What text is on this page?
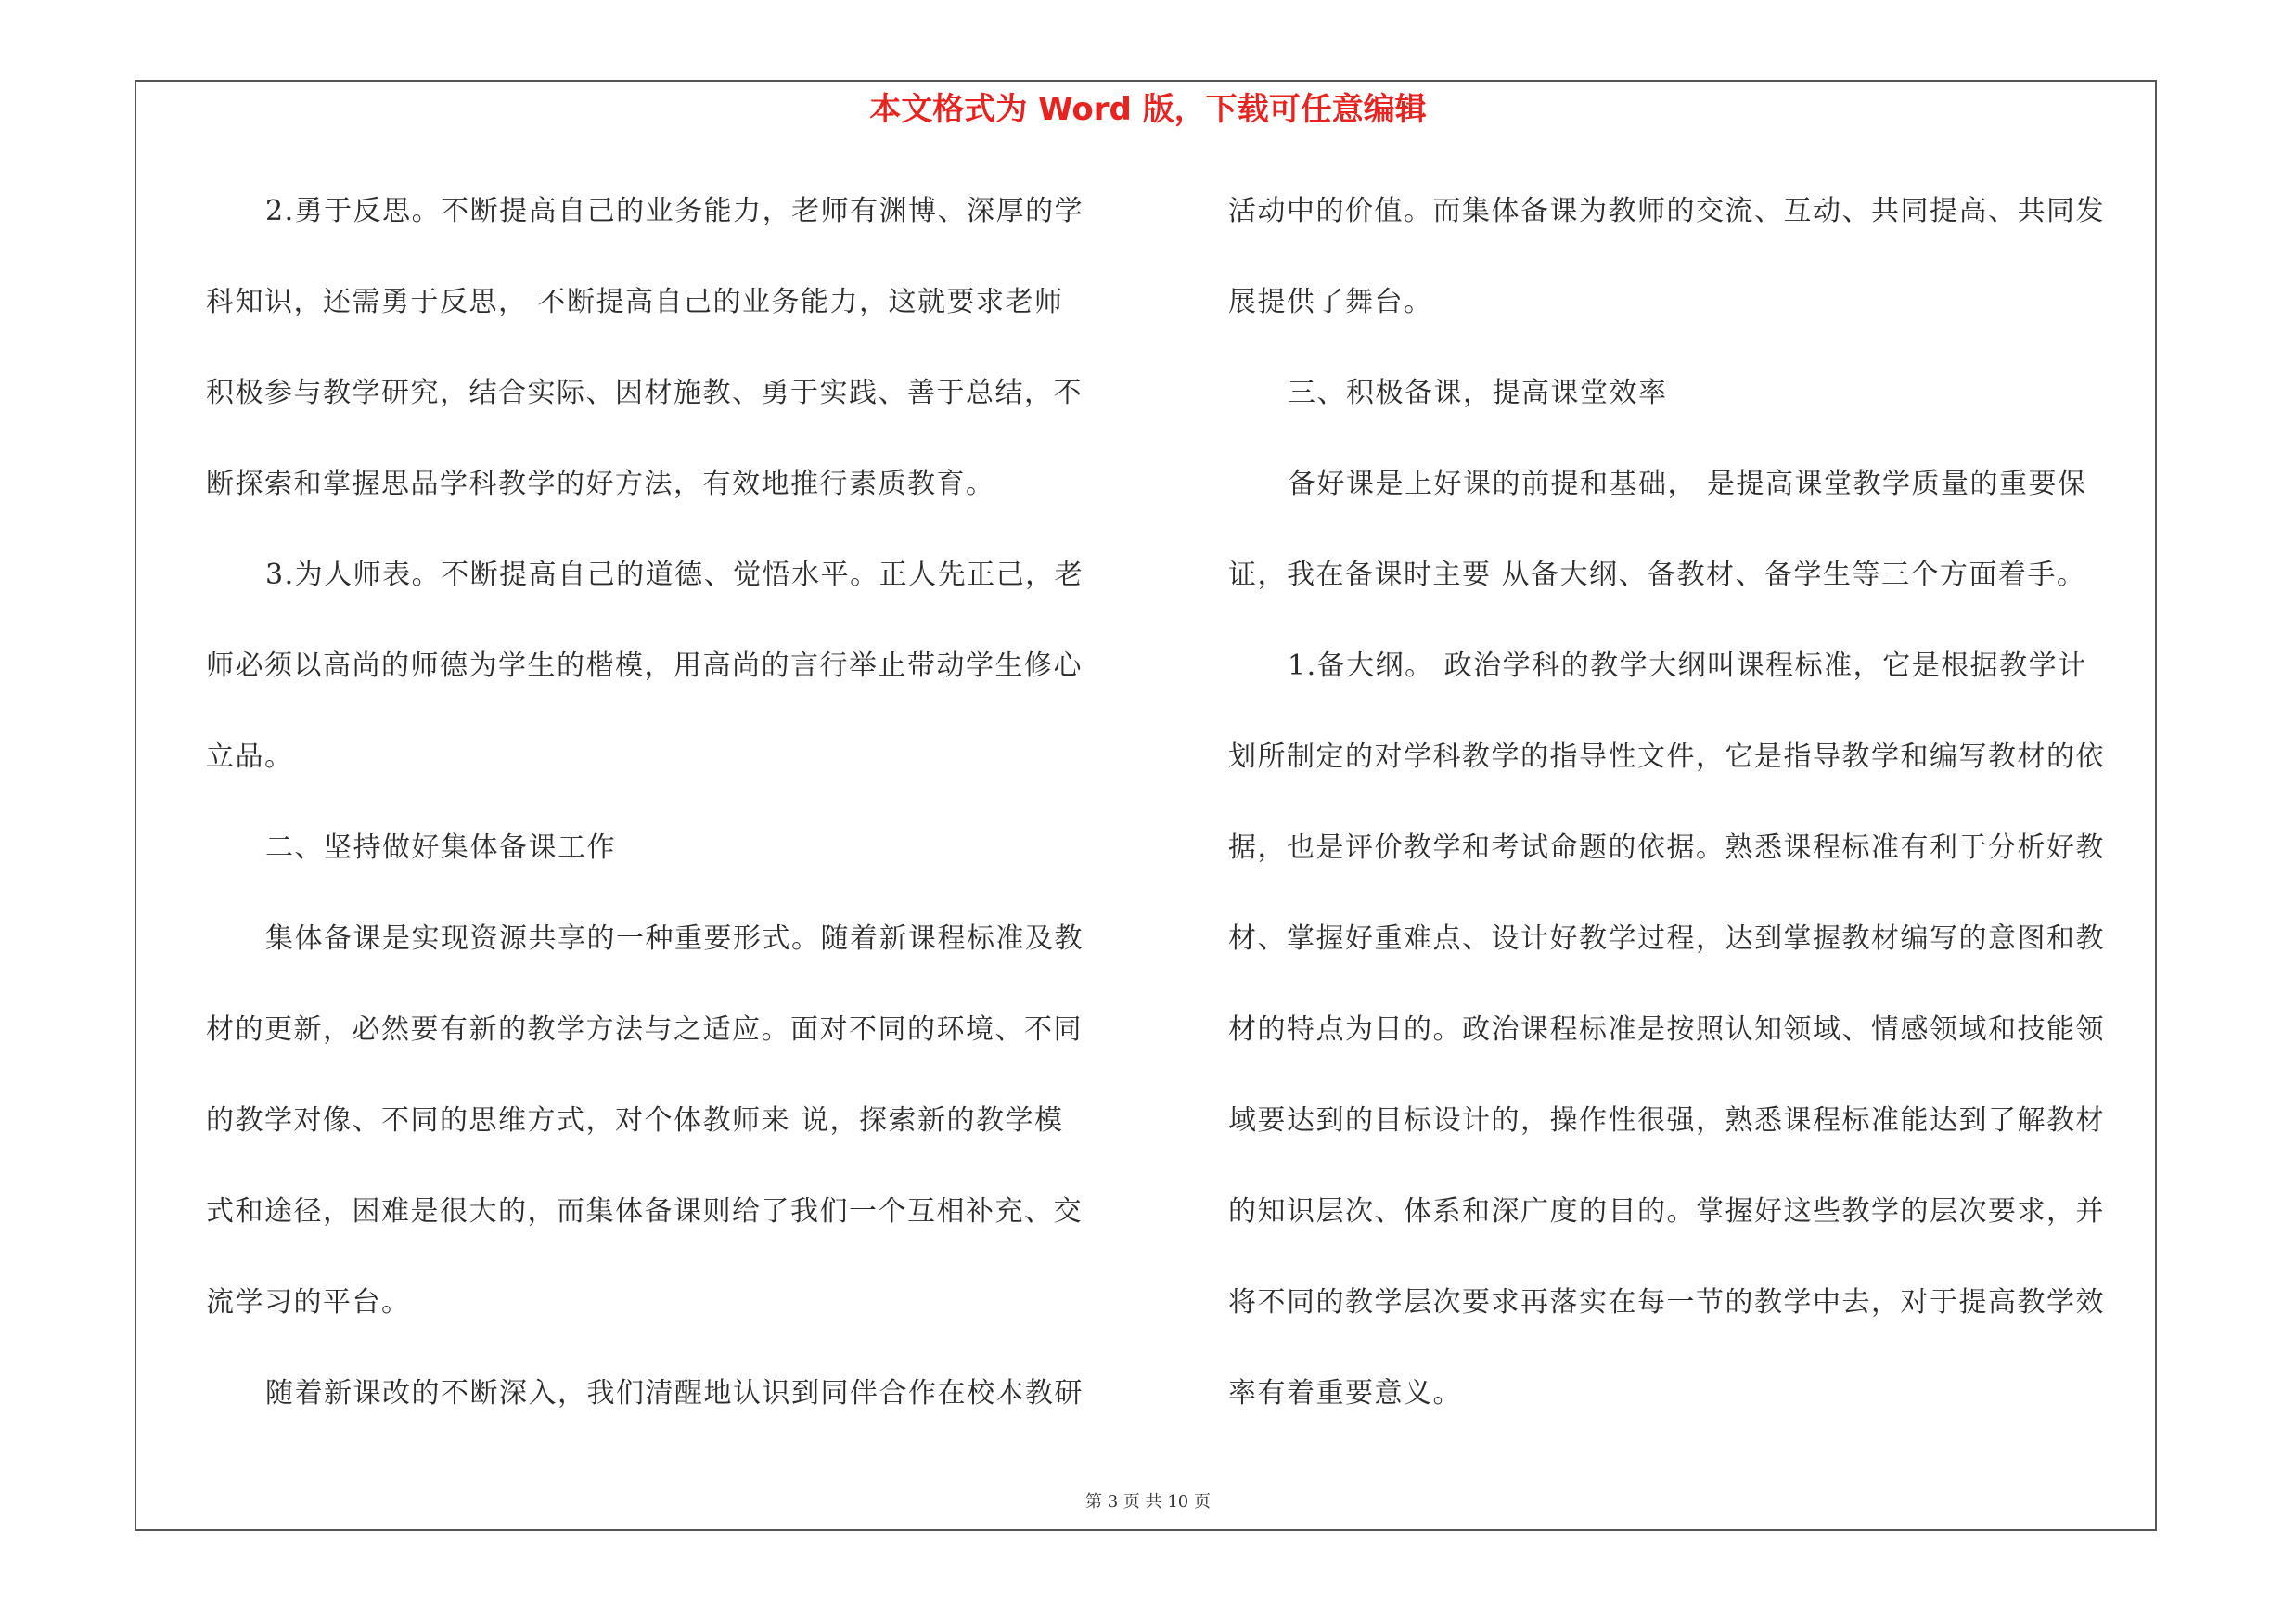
本文格式为 Word 版，下载可任意编辑
2.勇于反思。不断提高自己的业务能力，老师有渊博、深厚的学
科知识，还需勇于反思， 不断提高自己的业务能力，这就要求老师
积极参与教学研究，结合实际、因材施教、勇于实践、善于总结，不
断探索和掌握思品学科教学的好方法，有效地推行素质教育。
3.为人师表。不断提高自己的道德、觉悟水平。正人先正己，老
师必须以高尚的师德为学生的楷模，用高尚的言行举止带动学生修心
立品。
二、坚持做好集体备课工作
集体备课是实现资源共享的一种重要形式。随着新课程标准及教
材的更新，必然要有新的教学方法与之适应。面对不同的环境、不同
的教学对像、不同的思维方式，对个体教师来 说，探索新的教学模
式和途径，困难是很大的，而集体备课则给了我们一个互相补充、交
流学习的平台。
随着新课改的不断深入，我们清醒地认识到同伴合作在校本教研
活动中的价值。而集体备课为教师的交流、互动、共同提高、共同发
展提供了舞台。
三、积极备课，提高课堂效率
备好课是上好课的前提和基础， 是提高课堂教学质量的重要保
证，我在备课时主要 从备大纲、备教材、备学生等三个方面着手。
1.备大纲。 政治学科的教学大纲叫课程标准，它是根据教学计
划所制定的对学科教学的指导性文件，它是指导教学和编写教材的依
据，也是评价教学和考试命题的依据。熟悉课程标准有利于分析好教
材、掌握好重难点、设计好教学过程，达到掌握教材编写的意图和教
材的特点为目的。政治课程标准是按照认知领域、情感领域和技能领
域要达到的目标设计的，操作性很强，熟悉课程标准能达到了解教材
的知识层次、体系和深广度的目的。掌握好这些教学的层次要求，并
将不同的教学层次要求再落实在每一节的教学中去，对于提高教学效
率有着重要意义。
第 3 页 共 10 页
